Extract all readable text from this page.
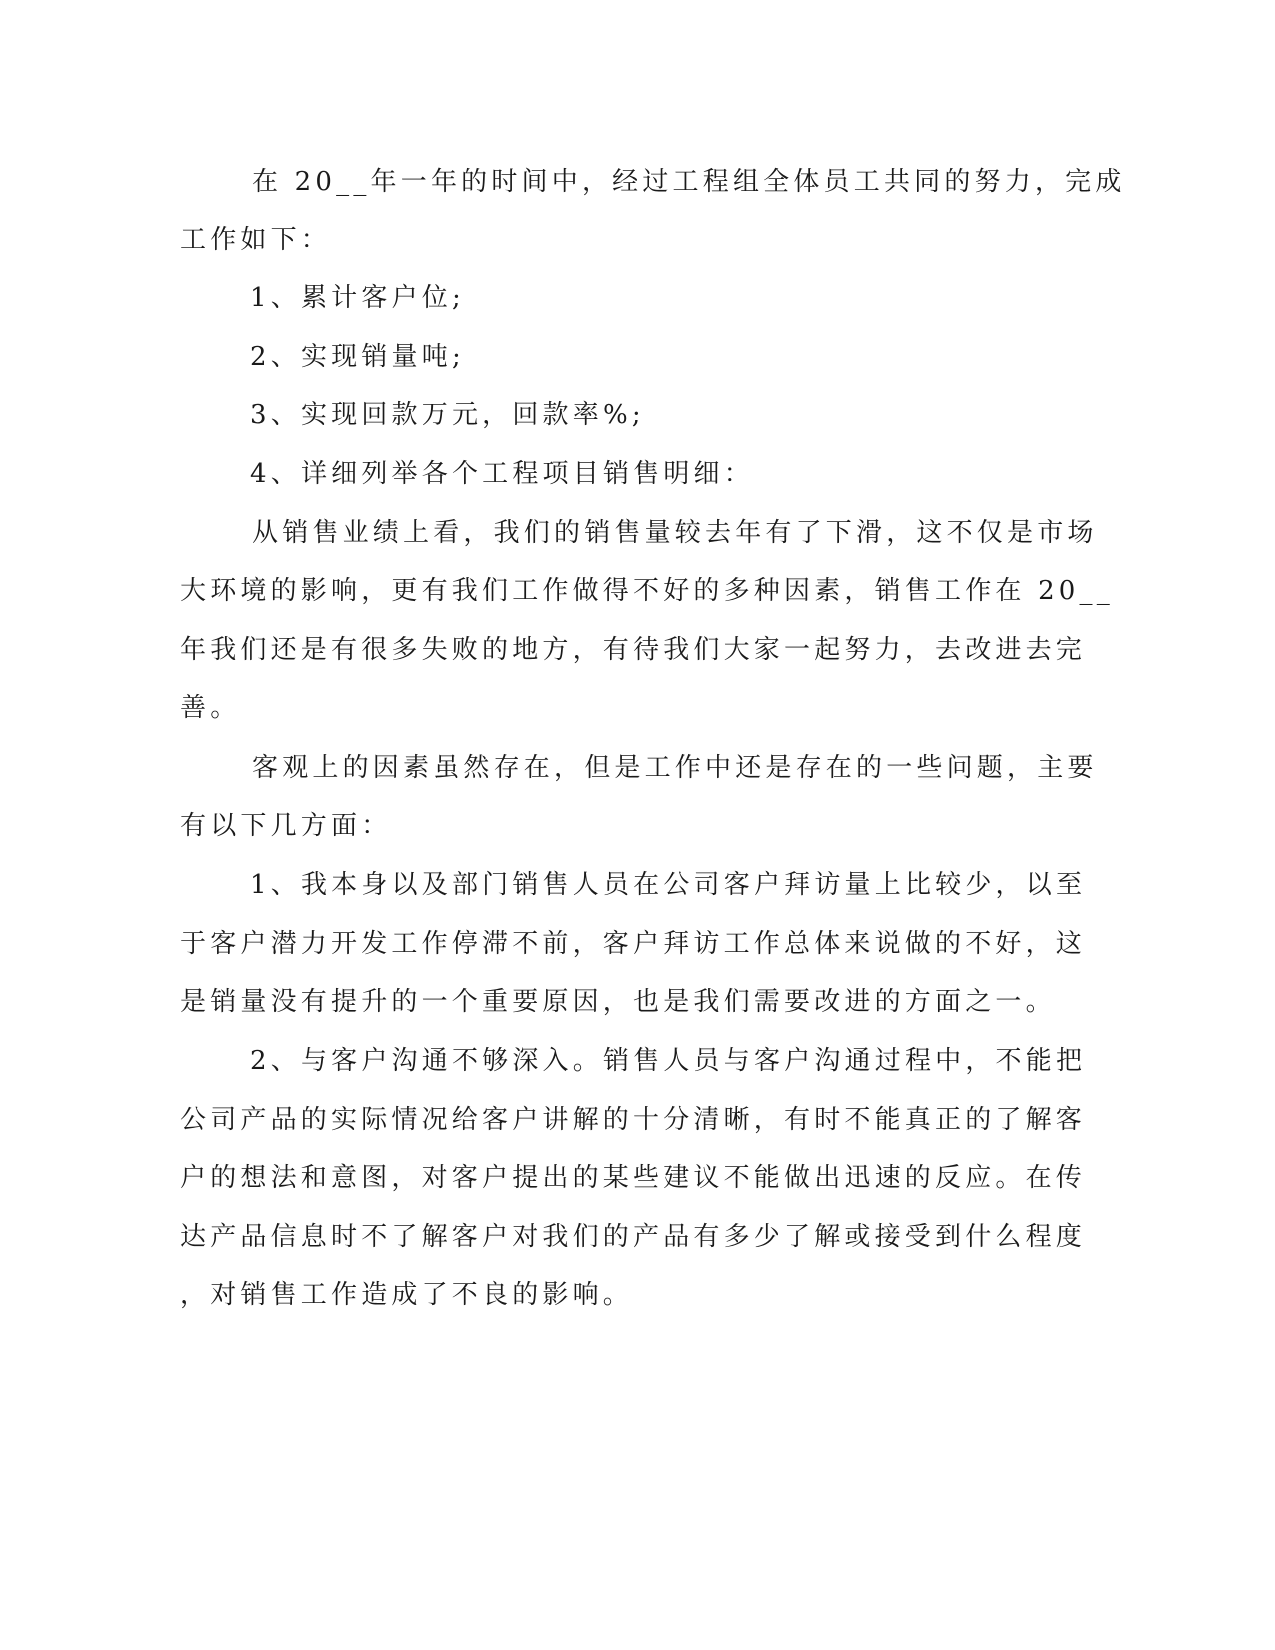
在 20__年一年的时间中，经过工程组全体员工共同的努力，完成
工作如下：
1、累计客户位;
2、实现销量吨;
3、实现回款万元，回款率%;
4、详细列举各个工程项目销售明细：
从销售业绩上看，我们的销售量较去年有了下滑，这不仅是市场
大环境的影响，更有我们工作做得不好的多种因素，销售工作在 20__
年我们还是有很多失败的地方，有待我们大家一起努力，去改进去完
善。
客观上的因素虽然存在，但是工作中还是存在的一些问题，主要
有以下几方面：
1、我本身以及部门销售人员在公司客户拜访量上比较少，以至
于客户潜力开发工作停滞不前，客户拜访工作总体来说做的不好，这
是销量没有提升的一个重要原因，也是我们需要改进的方面之一。
2、与客户沟通不够深入。销售人员与客户沟通过程中，不能把
公司产品的实际情况给客户讲解的十分清晰，有时不能真正的了解客
户的想法和意图，对客户提出的某些建议不能做出迅速的反应。在传
达产品信息时不了解客户对我们的产品有多少了解或接受到什么程度
，对销售工作造成了不良的影响。
